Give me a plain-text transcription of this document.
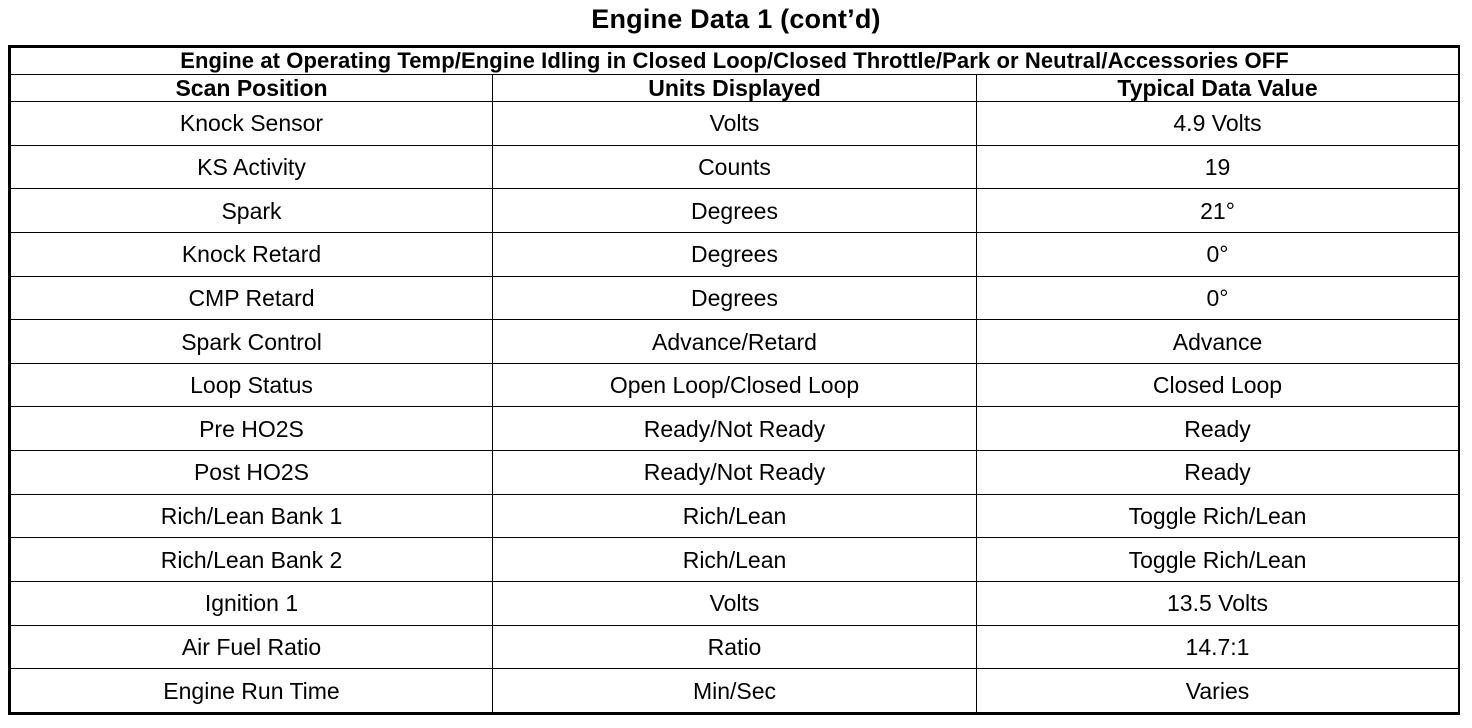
Engine Data 1 (cont’d)
Engine at Operating Temp/Engine Idling in Closed Loop/Closed Throttle/Park or Neutral/Accessories OFF		
Scan Position	Units Displayed	Typical Data Value
Knock Sensor	Volts	4.9 Volts
KS Activity	Counts	19
Spark	Degrees	21°
Knock Retard	Degrees	0°
CMP Retard	Degrees	0°
Spark Control	Advance/Retard	Advance
Loop Status	Open Loop/Closed Loop	Closed Loop
Pre HO2S	Ready/Not Ready	Ready
Post HO2S	Ready/Not Ready	Ready
Rich/Lean Bank 1	Rich/Lean	Toggle Rich/Lean
Rich/Lean Bank 2	Rich/Lean	Toggle Rich/Lean
Ignition 1	Volts	13.5 Volts
Air Fuel Ratio	Ratio	14.7:1
Engine Run Time	Min/Sec	Varies
